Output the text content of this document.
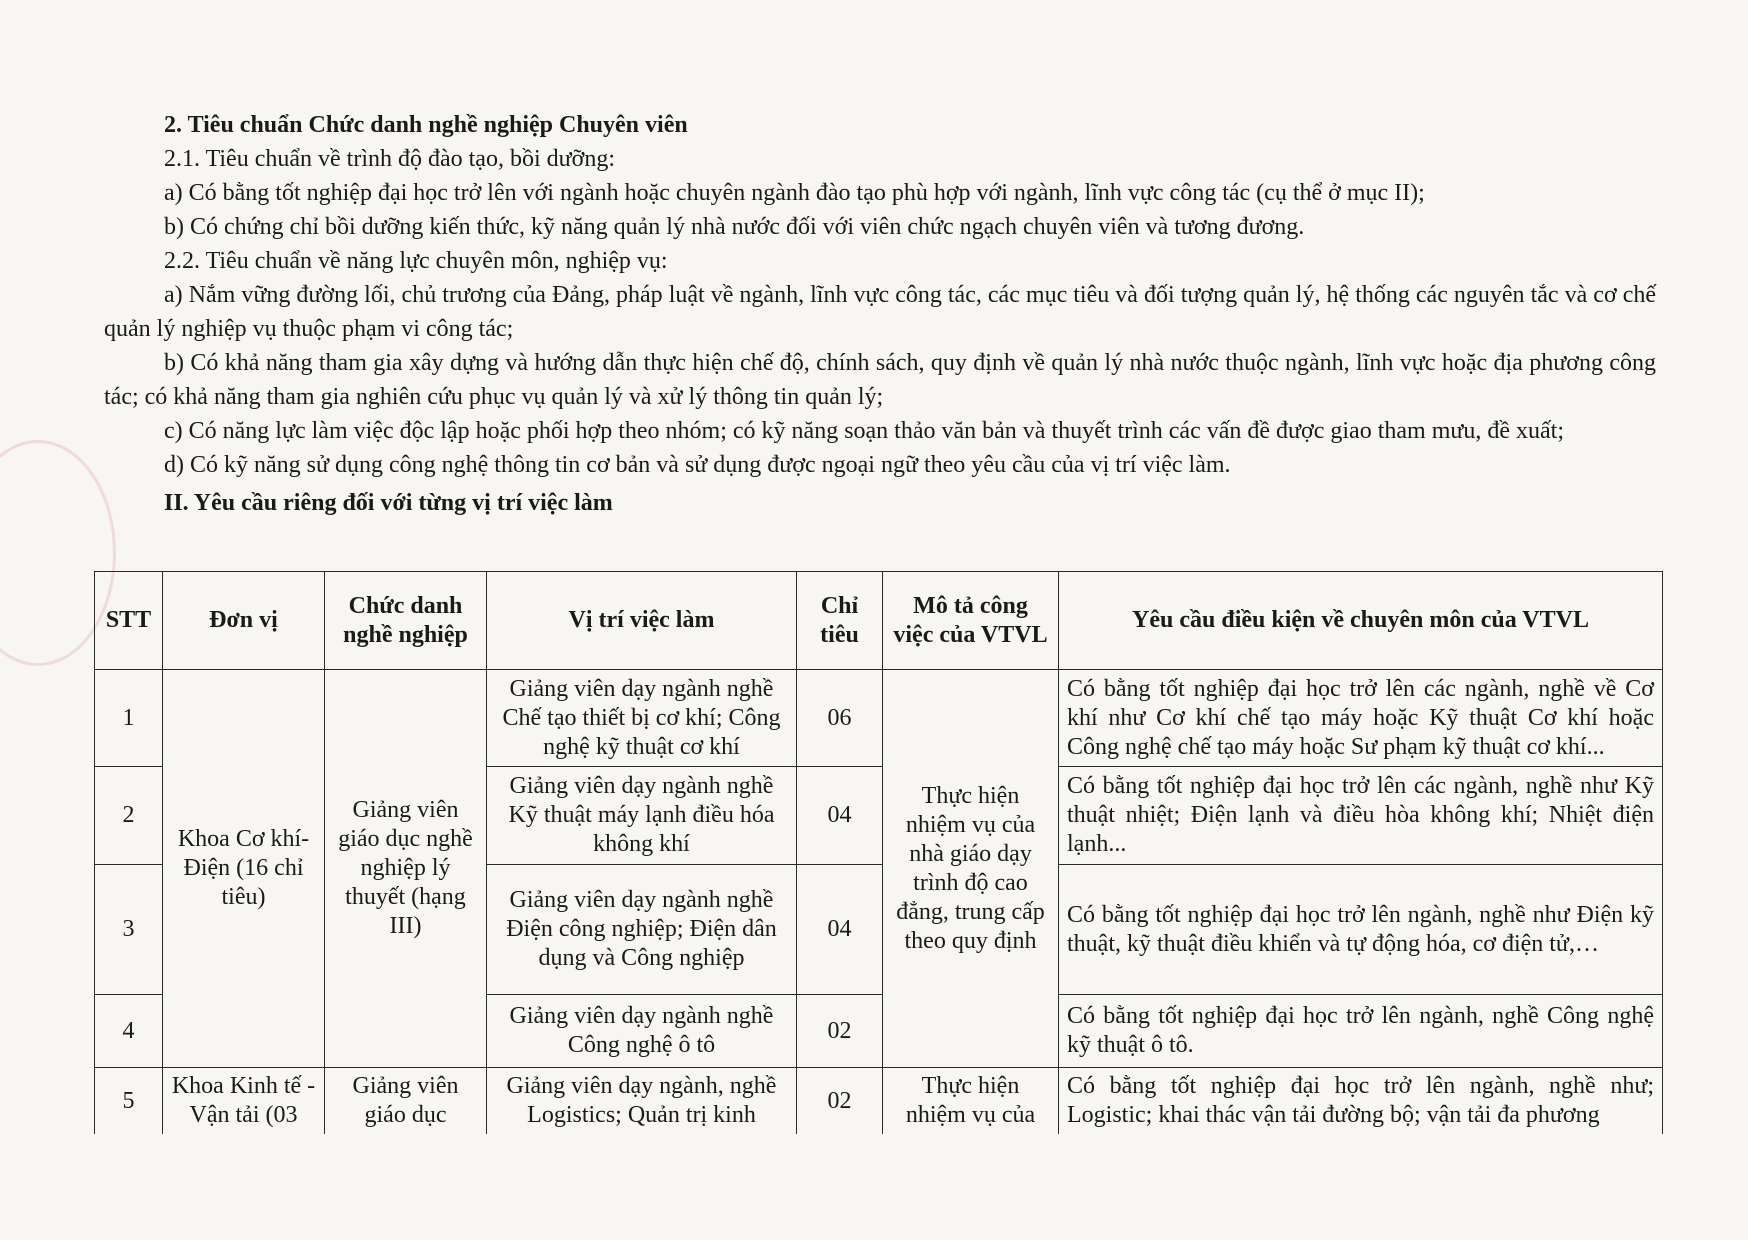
2. Tiêu chuẩn Chức danh nghề nghiệp Chuyên viên
2.1. Tiêu chuẩn về trình độ đào tạo, bồi dưỡng:
a) Có bằng tốt nghiệp đại học trở lên với ngành hoặc chuyên ngành đào tạo phù hợp với ngành, lĩnh vực công tác (cụ thể ở mục II);
b) Có chứng chỉ bồi dưỡng kiến thức, kỹ năng quản lý nhà nước đối với viên chức ngạch chuyên viên và tương đương.
2.2. Tiêu chuẩn về năng lực chuyên môn, nghiệp vụ:

a) Nắm vững đường lối, chủ trương của Đảng, pháp luật về ngành, lĩnh vực công tác, các mục tiêu và đối tượng quản lý, hệ thống các nguyên tắc và cơ chế quản lý nghiệp vụ thuộc phạm vi công tác;

b) Có khả năng tham gia xây dựng và hướng dẫn thực hiện chế độ, chính sách, quy định về quản lý nhà nước thuộc ngành, lĩnh vực hoặc địa phương công tác; có khả năng tham gia nghiên cứu phục vụ quản lý và xử lý thông tin quản lý;

c) Có năng lực làm việc độc lập hoặc phối hợp theo nhóm; có kỹ năng soạn thảo văn bản và thuyết trình các vấn đề được giao tham mưu, đề xuất;

d) Có kỹ năng sử dụng công nghệ thông tin cơ bản và sử dụng được ngoại ngữ theo yêu cầu của vị trí việc làm.

II. Yêu cầu riêng đối với từng vị trí việc làm
STT	Đơn vị	Chức danh nghề nghiệp	Vị trí việc làm	Chỉ tiêu	Mô tả công việc của VTVL	Yêu cầu điều kiện về chuyên môn của VTVL
1	Khoa Cơ khí-Điện (16 chỉ tiêu)	Giảng viên giáo dục nghề nghiệp lý thuyết (hạng III)	Giảng viên dạy ngành nghề Chế tạo thiết bị cơ khí; Công nghệ kỹ thuật cơ khí	06	Thực hiện nhiệm vụ của nhà giáo dạy trình độ cao đẳng, trung cấp theo quy định	Có bằng tốt nghiệp đại học trở lên các ngành, nghề về Cơ khí như Cơ khí chế tạo máy hoặc Kỹ thuật Cơ khí hoặc Công nghệ chế tạo máy hoặc Sư phạm kỹ thuật cơ khí...
2			Giảng viên dạy ngành nghề Kỹ thuật máy lạnh điều hóa không khí	04		Có bằng tốt nghiệp đại học trở lên các ngành, nghề như Kỹ thuật nhiệt; Điện lạnh và điều hòa không khí; Nhiệt điện lạnh...
3			Giảng viên dạy ngành nghề Điện công nghiệp; Điện dân dụng và Công nghiệp	04		Có bằng tốt nghiệp đại học trở lên ngành, nghề như Điện kỹ thuật, kỹ thuật điều khiển và tự động hóa, cơ điện tử,…
4			Giảng viên dạy ngành nghề Công nghệ ô tô	02		Có bằng tốt nghiệp đại học trở lên ngành, nghề Công nghệ kỹ thuật ô tô.
5	Khoa Kinh tế - Vận tải (03	Giảng viên giáo dục	Giảng viên dạy ngành, nghề Logistics; Quản trị kinh	02	Thực hiện nhiệm vụ của	Có bằng tốt nghiệp đại học trở lên ngành, nghề như; Logistic; khai thác vận tải đường bộ; vận tải đa phương
